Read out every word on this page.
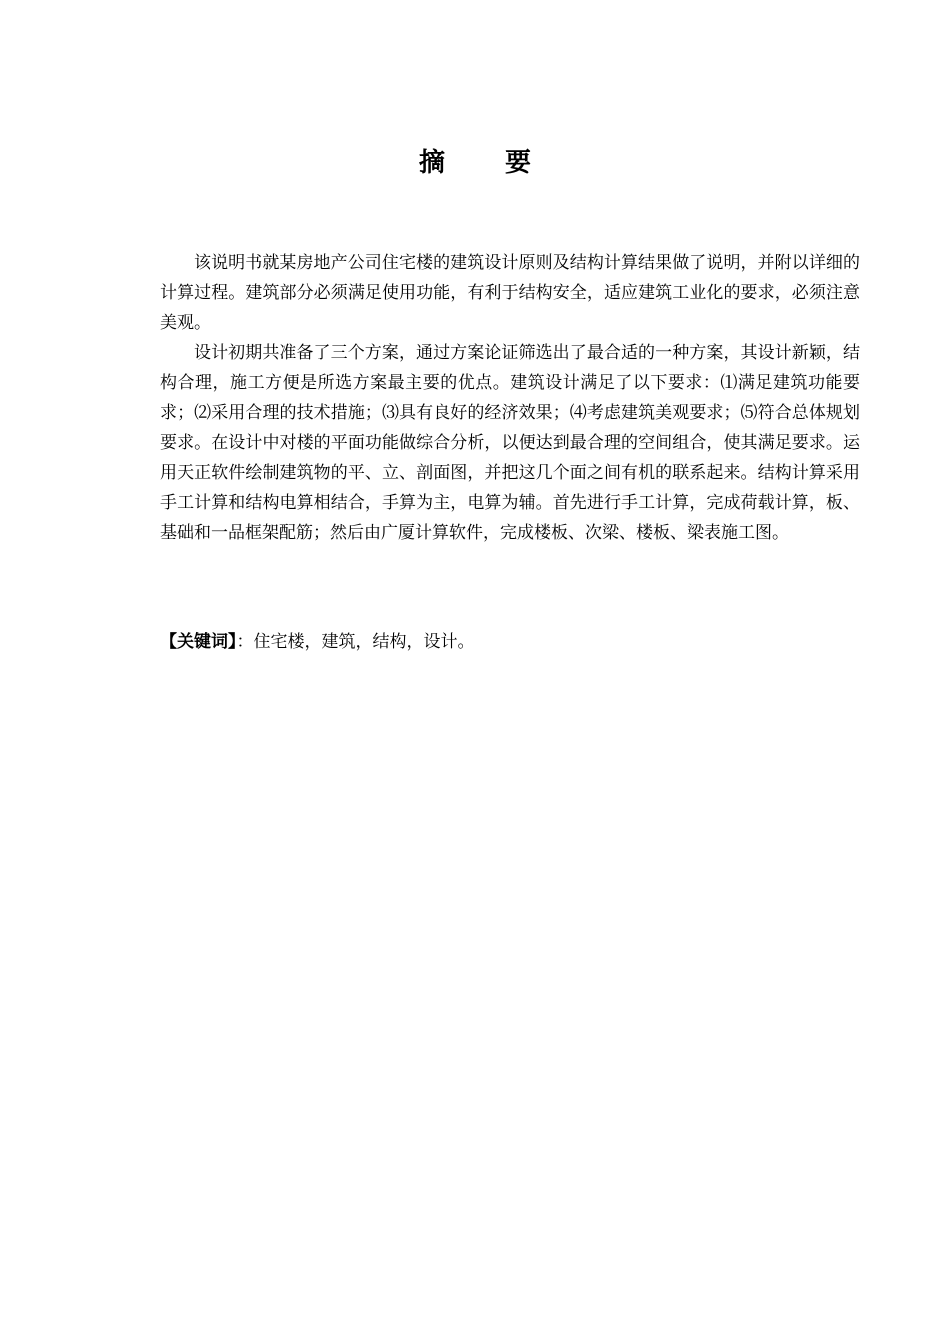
摘 要

该说明书就某房地产公司住宅楼的建筑设计原则及结构计算结果做了说明，并附以详细的计算过程。建筑部分必须满足使用功能，有利于结构安全，适应建筑工业化的要求，必须注意美观。

设计初期共准备了三个方案，通过方案论证筛选出了最合适的一种方案，其设计新颖，结构合理，施工方便是所选方案最主要的优点。建筑设计满足了以下要求：⑴满足建筑功能要求；⑵采用合理的技术措施；⑶具有良好的经济效果；⑷考虑建筑美观要求；⑸符合总体规划要求。在设计中对楼的平面功能做综合分析，以便达到最合理的空间组合，使其满足要求。运用天正软件绘制建筑物的平、立、剖面图，并把这几个面之间有机的联系起来。结构计算采用手工计算和结构电算相结合，手算为主，电算为辅。首先进行手工计算，完成荷载计算，板、基础和一品框架配筋；然后由广厦计算软件，完成楼板、次梁、楼板、梁表施工图。

【关键词】：住宅楼，建筑，结构，设计。
